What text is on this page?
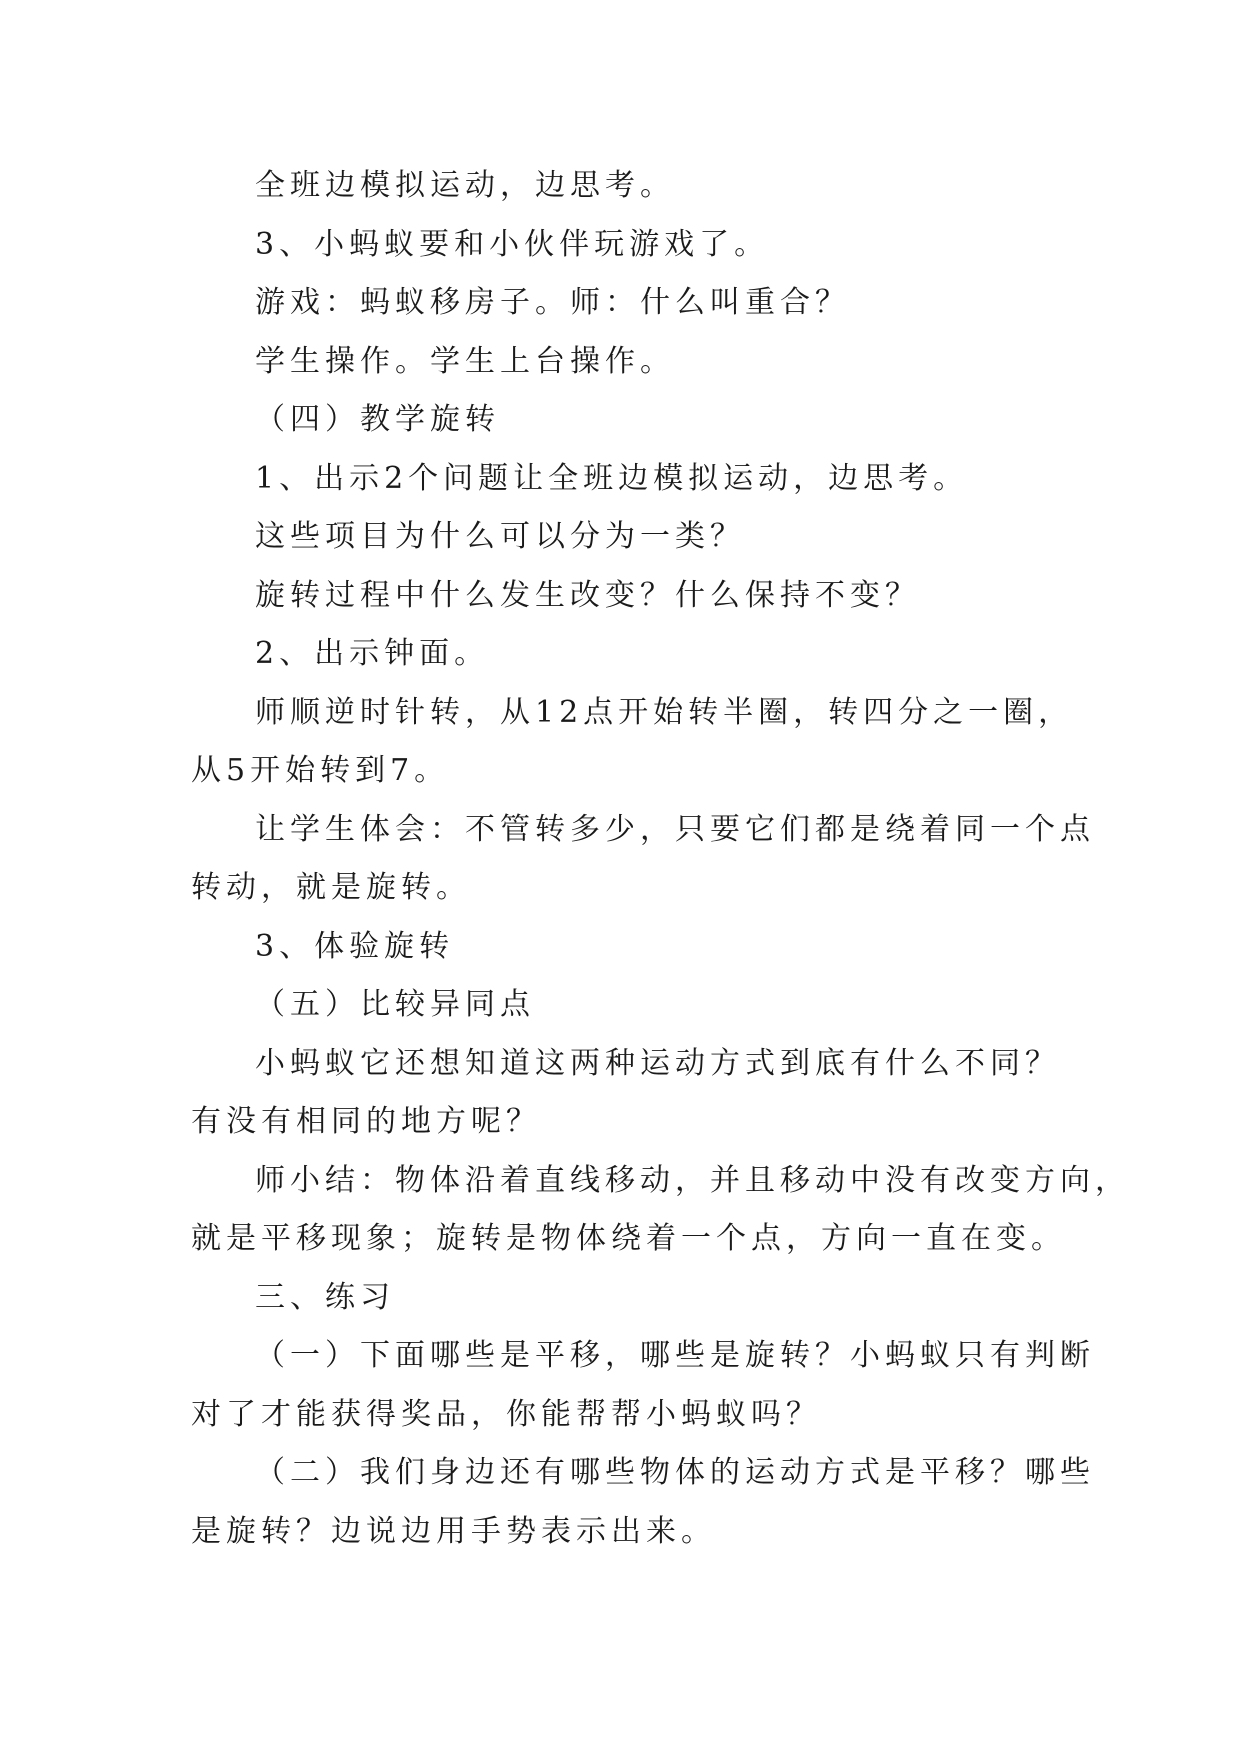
全班边模拟运动，边思考。

3、小蚂蚁要和小伙伴玩游戏了。

游戏：蚂蚁移房子。师：什么叫重合？

学生操作。学生上台操作。

（四）教学旋转

1、出示2个问题让全班边模拟运动，边思考。

这些项目为什么可以分为一类？

旋转过程中什么发生改变？什么保持不变？

2、出示钟面。

师顺逆时针转，从12点开始转半圈，转四分之一圈，

从5开始转到7。

让学生体会：不管转多少，只要它们都是绕着同一个点

转动，就是旋转。

3、体验旋转

（五）比较异同点

小蚂蚁它还想知道这两种运动方式到底有什么不同？

有没有相同的地方呢？

师小结：物体沿着直线移动，并且移动中没有改变方向，

就是平移现象；旋转是物体绕着一个点，方向一直在变。

三、练习

（一）下面哪些是平移，哪些是旋转？小蚂蚁只有判断

对了才能获得奖品，你能帮帮小蚂蚁吗？

（二）我们身边还有哪些物体的运动方式是平移？哪些

是旋转？边说边用手势表示出来。
